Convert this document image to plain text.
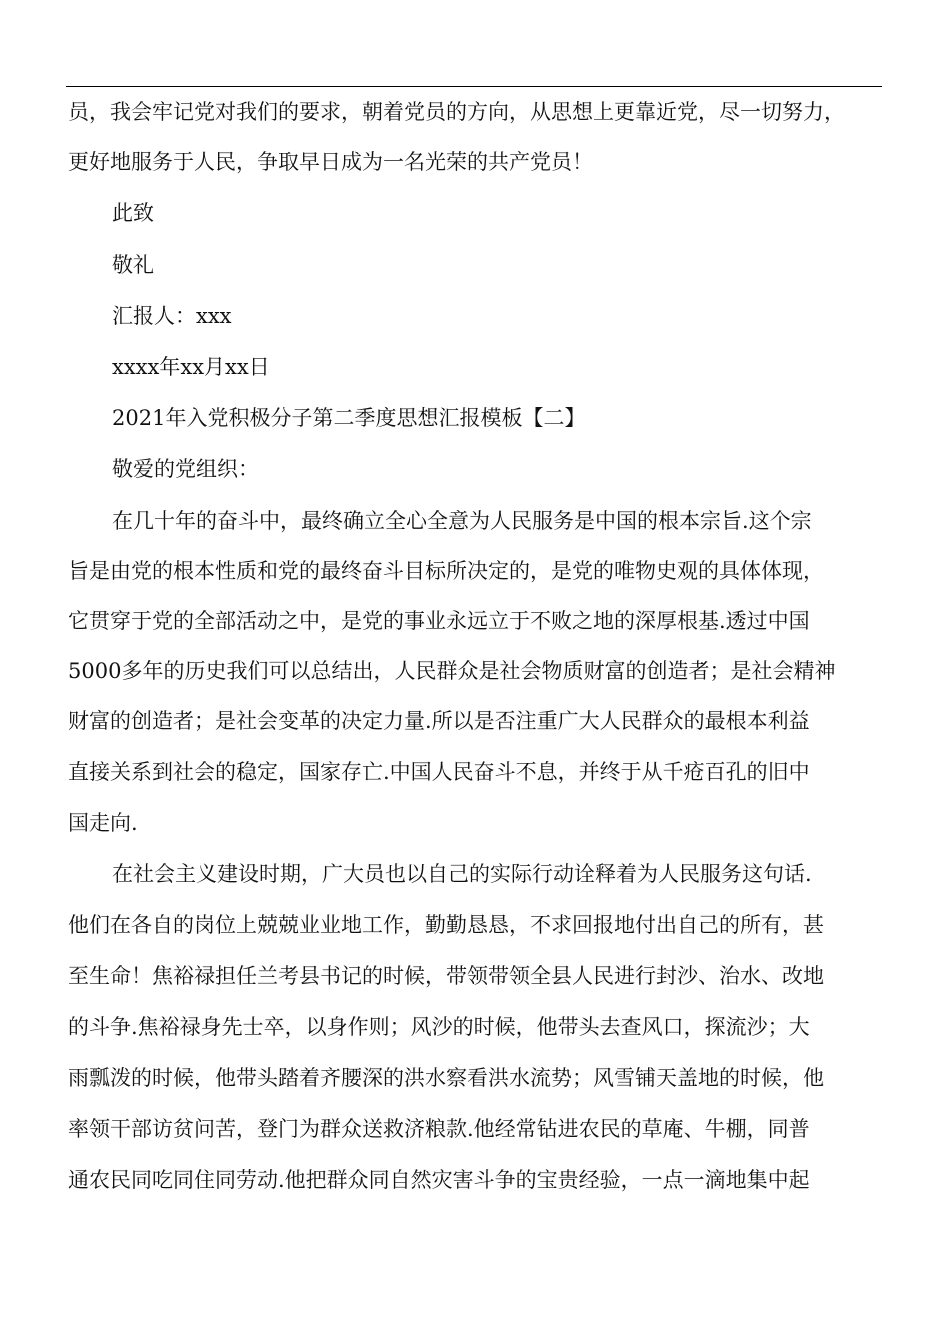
员，我会牢记党对我们的要求，朝着党员的方向，从思想上更靠近党，尽一切努力，
更好地服务于人民，争取早日成为一名光荣的共产党员！
此致
敬礼
汇报人：xxx
xxxx年xx月xx日
2021年入党积极分子第二季度思想汇报模板【二】
敬爱的党组织：
在几十年的奋斗中，最终确立全心全意为人民服务是中国的根本宗旨.这个宗
旨是由党的根本性质和党的最终奋斗目标所决定的，是党的唯物史观的具体体现，
它贯穿于党的全部活动之中，是党的事业永远立于不败之地的深厚根基.透过中国
5000多年的历史我们可以总结出，人民群众是社会物质财富的创造者；是社会精神
财富的创造者；是社会变革的决定力量.所以是否注重广大人民群众的最根本利益
直接关系到社会的稳定，国家存亡.中国人民奋斗不息，并终于从千疮百孔的旧中
国走向.
在社会主义建设时期，广大员也以自己的实际行动诠释着为人民服务这句话.
他们在各自的岗位上兢兢业业地工作，勤勤恳恳，不求回报地付出自己的所有，甚
至生命！焦裕禄担任兰考县书记的时候，带领带领全县人民进行封沙、治水、改地
的斗争.焦裕禄身先士卒，以身作则；风沙的时候，他带头去查风口，探流沙；大
雨瓢泼的时候，他带头踏着齐腰深的洪水察看洪水流势；风雪铺天盖地的时候，他
率领干部访贫问苦，登门为群众送救济粮款.他经常钻进农民的草庵、牛棚，同普
通农民同吃同住同劳动.他把群众同自然灾害斗争的宝贵经验，一点一滴地集中起
